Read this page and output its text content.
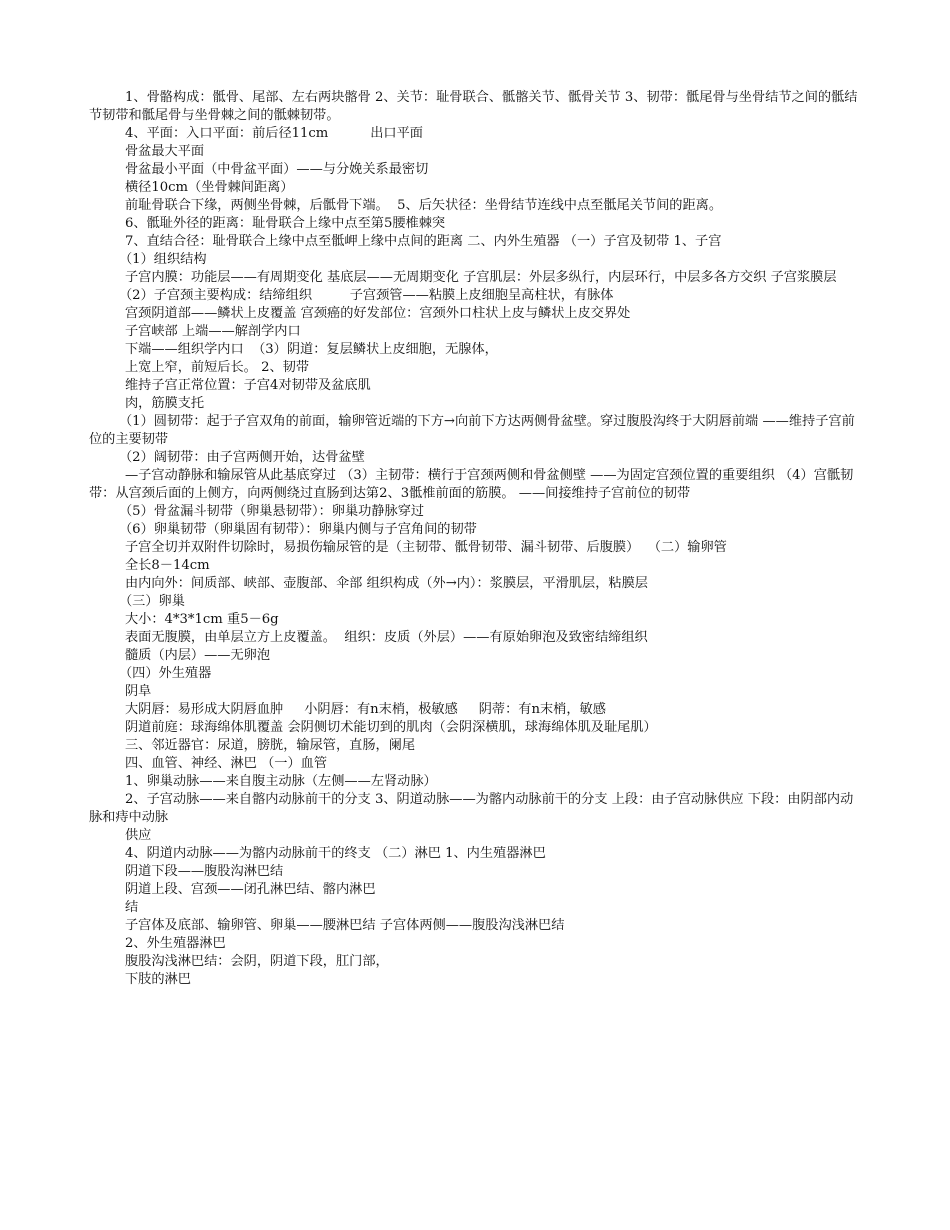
1、骨骼构成：骶骨、尾部、左右两块髂骨 2、关节：耻骨联合、骶髂关节、骶骨关节 3、韧带：骶尾骨与坐骨结节之间的骶结节韧带和骶尾骨与坐骨棘之间的骶棘韧带。
4、平面：入口平面：前后径11cm          出口平面
骨盆最大平面
骨盆最小平面（中骨盆平面）——与分娩关系最密切
横径10cm（坐骨棘间距离）
前耻骨联合下缘，两侧坐骨棘，后骶骨下端。  5、后矢状径：坐骨结节连线中点至骶尾关节间的距离。
6、骶耻外径的距离：耻骨联合上缘中点至第5腰椎棘突
7、直结合径：耻骨联合上缘中点至骶岬上缘中点间的距离 二、内外生殖器 （一）子宫及韧带 1、子宫
（1）组织结构
子宫内膜：功能层——有周期变化 基底层——无周期变化 子宫肌层：外层多纵行，内层环行，中层多各方交织 子宫浆膜层
（2）子宫颈主要构成：结缔组织         子宫颈管——粘膜上皮细胞呈高柱状，有脉体
宫颈阴道部——鳞状上皮覆盖 宫颈癌的好发部位：宫颈外口柱状上皮与鳞状上皮交界处
子宫峡部 上端——解剖学内口
下端——组织学内口  （3）阴道：复层鳞状上皮细胞，无腺体，
上宽上窄，前短后长。 2、韧带
维持子宫正常位置：子宫4对韧带及盆底肌
肉，筋膜支托
（1）圆韧带：起于子宫双角的前面，输卵管近端的下方→向前下方达两侧骨盆壁。穿过腹股沟终于大阴唇前端 ——维持子宫前位的主要韧带
（2）阔韧带：由子宫两侧开始，达骨盆壁
—子宫动静脉和输尿管从此基底穿过 （3）主韧带：横行于宫颈两侧和骨盆侧壁 ——为固定宫颈位置的重要组织 （4）宫骶韧带：从宫颈后面的上侧方，向两侧绕过直肠到达第2、3骶椎前面的筋膜。 ——间接维持子宫前位的韧带
（5）骨盆漏斗韧带（卵巢悬韧带）：卵巢功静脉穿过
（6）卵巢韧带（卵巢固有韧带）：卵巢内侧与子宫角间的韧带
子宫全切并双附件切除时，易损伤输尿管的是（主韧带、骶骨韧带、漏斗韧带、后腹膜）  （二）输卵管
全长8－14cm
由内向外：间质部、峡部、壶腹部、伞部 组织构成（外→内）：浆膜层，平滑肌层，粘膜层
（三）卵巢
大小：4*3*1cm 重5－6g
表面无腹膜，由单层立方上皮覆盖。  组织：皮质（外层）——有原始卵泡及致密结缔组织
髓质（内层）——无卵泡
（四）外生殖器
阴阜
大阴唇：易形成大阴唇血肿     小阴唇：有n末梢，极敏感     阴蒂：有n末梢，敏感
阴道前庭：球海绵体肌覆盖 会阴侧切术能切到的肌肉（会阴深横肌，球海绵体肌及耻尾肌）
三、邻近器官：尿道，膀胱，输尿管，直肠，阑尾
四、血管、神经、淋巴 （一）血管
1、卵巢动脉——来自腹主动脉（左侧——左肾动脉）
2、子宫动脉——来自髂内动脉前干的分支 3、阴道动脉——为髂内动脉前干的分支 上段：由子宫动脉供应 下段：由阴部内动脉和痔中动脉
供应
4、阴道内动脉——为髂内动脉前干的终支 （二）淋巴 1、内生殖器淋巴
阴道下段——腹股沟淋巴结
阴道上段、宫颈——闭孔淋巴结、髂内淋巴
结
子宫体及底部、输卵管、卵巢——腰淋巴结 子宫体两侧——腹股沟浅淋巴结
2、外生殖器淋巴
腹股沟浅淋巴结：会阴，阴道下段，肛门部，
下肢的淋巴
